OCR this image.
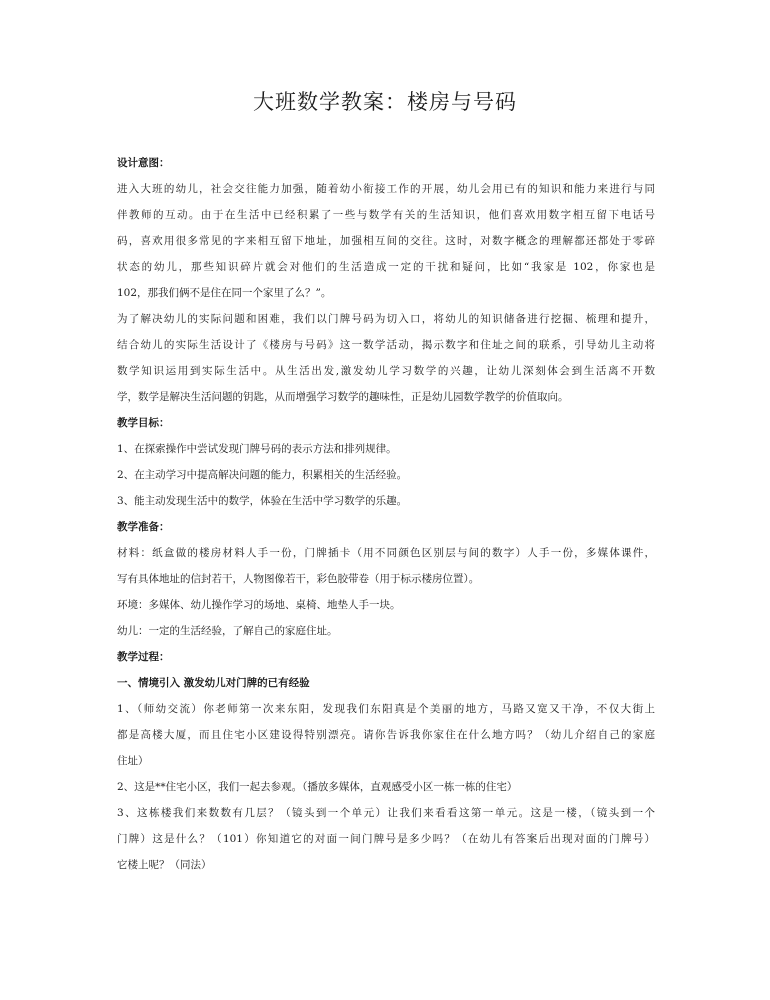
大班数学教案：楼房与号码
设计意图：
进入大班的幼儿，社会交往能力加强，随着幼小衔接工作的开展，幼儿会用已有的知识和能力来进行与同
伴教师的互动。由于在生活中已经积累了一些与数学有关的生活知识，他们喜欢用数字相互留下电话号
码，喜欢用很多常见的字来相互留下地址，加强相互间的交往。这时，对数字概念的理解都还都处于零碎
状态的幼儿，那些知识碎片就会对他们的生活造成一定的干扰和疑问，比如“我家是 102，你家也是
102，那我们俩不是住在同一个家里了么？”。
为了解决幼儿的实际问题和困难，我们以门牌号码为切入口，将幼儿的知识储备进行挖掘、梳理和提升，
结合幼儿的实际生活设计了《楼房与号码》这一数学活动，揭示数字和住址之间的联系，引导幼儿主动将
数学知识运用到实际生活中。从生活出发,激发幼儿学习数学的兴趣，让幼儿深刻体会到生活离不开数
学，数学是解决生活问题的钥匙，从而增强学习数学的趣味性，正是幼儿园数学教学的价值取向。
教学目标：
1、在探索操作中尝试发现门牌号码的表示方法和排列规律。
2、在主动学习中提高解决问题的能力，积累相关的生活经验。
3、能主动发现生活中的数学，体验在生活中学习数学的乐趣。
教学准备：
材料：纸盒做的楼房材料人手一份，门牌插卡（用不同颜色区别层与间的数字）人手一份，多媒体课件，
写有具体地址的信封若干，人物图像若干，彩色胶带卷（用于标示楼房位置）。
环境：多媒体、幼儿操作学习的场地、桌椅、地垫人手一块。
幼儿：一定的生活经验，了解自己的家庭住址。
教学过程：
一、情境引入 激发幼儿对门牌的已有经验
1、（师幼交流）你老师第一次来东阳，发现我们东阳真是个美丽的地方，马路又宽又干净，不仅大街上
都是高楼大厦，而且住宅小区建设得特别漂亮。请你告诉我你家住在什么地方吗？（幼儿介绍自己的家庭
住址）
2、这是**住宅小区，我们一起去参观。（播放多媒体，直观感受小区一栋一栋的住宅）
3、这栋楼我们来数数有几层？（镜头到一个单元）让我们来看看这第一单元。这是一楼，（镜头到一个
门牌）这是什么？（101）你知道它的对面一间门牌号是多少吗？（在幼儿有答案后出现对面的门牌号）
它楼上呢？（同法）
